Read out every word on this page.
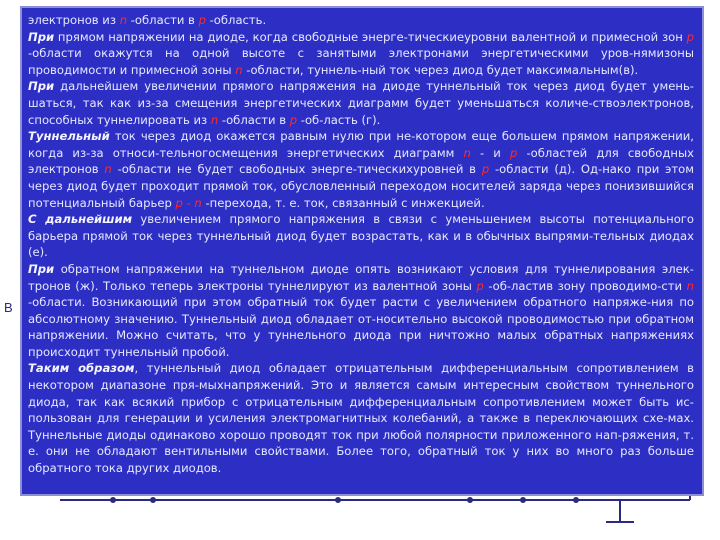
B

электронов из n -области в p -область.

При прямом напряжении на диоде, когда свободные энерге-тическиеуровни валентной и примесной зон p -области окажутся на одной высоте с занятыми электронами энергетическими уров-нямизоны проводимости и примесной зоны n -области, туннель-ный ток через диод будет максимальным(в).

При дальнейшем увеличении прямого напряжения на диоде туннельный ток через диод будет умень-шаться, так как из-за смещения энергетических диаграмм будет уменьшаться количе-ствоэлектронов, способных туннелировать из n -области в p -об-ласть (г).

Туннельный ток через диод окажется равным нулю при не-котором еще большем прямом напряжении, когда из-за относи-тельногосмещения энергетических диаграмм n - и p -областей для свободных электронов n -области не будет свободных энерге-тическихуровней в p -области (д). Од-нако при этом через диод будет проходит прямой ток, обусловленный переходом носителей заряда через понизившийся потенциальный барьер p - n -перехода, т. е. ток, связанный с инжекцией.

С дальнейшим увеличением прямого напряжения в связи с уменьшением высоты потенциального барьера прямой ток через туннельный диод будет возрастать, как и в обычных выпрями-тельных диодах (е).

При обратном напряжении на туннельном диоде опять возникают условия для туннелирования элек-тронов (ж). Только теперь электроны туннелируют из валентной зоны p -об-ластив зону проводимо-сти n -области. Возникающий при этом обратный ток будет расти с увеличением обратного напряже-ния по абсолютному значению. Туннельный диод обладает от-носительно высокой проводимостью при обратном напряжении. Можно считать, что у туннельного диода при ничтожно малых обратных напряжениях происходит туннельный пробой.

Таким образом, туннельный диод обладает отрицательным дифференциальным сопротивлением в некотором диапазоне пря-мыхнапряжений. Это и является самым интересным свойством туннельного диода, так как всякий прибор с отрицательным дифференциальным сопротивлением может быть ис-пользован для генерации и усиления электромагнитных колебаний, а также в переключающих схе-мах. Туннельные диоды одинаково хорошо проводят ток при любой полярности приложенного нап-ряжения, т. е. они не обладают вентильными свойствами. Более того, обратный ток у них во много раз больше обратного тока других диодов.
